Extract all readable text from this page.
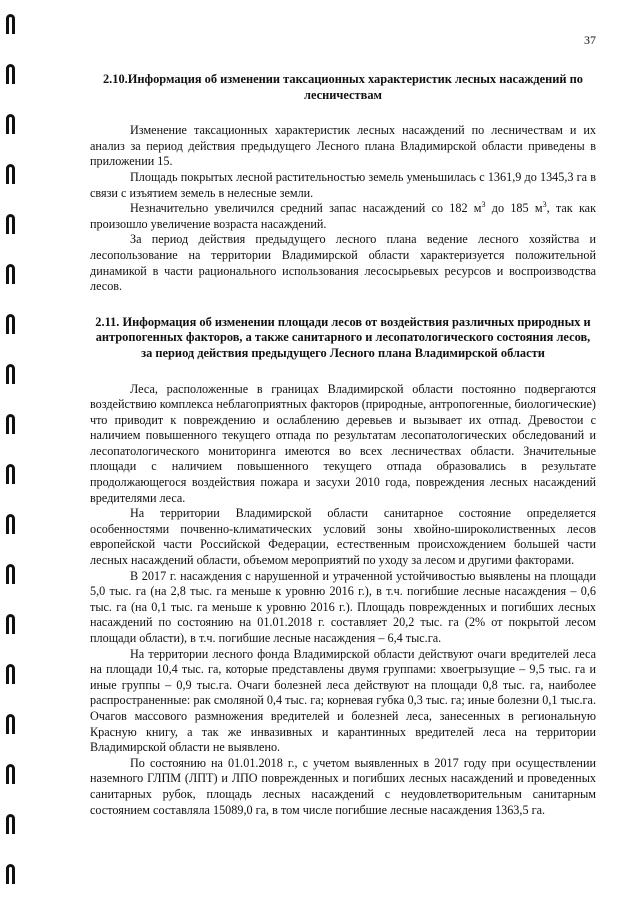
37
2.10.Информация об изменении таксационных характеристик лесных насаждений по лесничествам

Изменение таксационных характеристик лесных насаждений по лесничествам и их анализ за период действия предыдущего Лесного плана Владимирской области приведены в приложении 15.

Площадь покрытых лесной растительностью земель уменьшилась с 1361,9 до 1345,3 га в связи с изъятием земель в нелесные земли.

Незначительно увеличился средний запас насаждений со 182 $м^3$ до 185 $м^3$, так как произошло увеличение возраста насаждений.

За период действия предыдущего лесного плана ведение лесного хозяйства и лесопользование на территории Владимирской области характеризуется положительной динамикой в части рационального использования лесосырьевых ресурсов и воспроизводства лесов.

2.11. Информация об изменении площади лесов от воздействия различных природных и антропогенных факторов, а также санитарного и лесопатологического состояния лесов, за период действия предыдущего Лесного плана Владимирской области

Леса, расположенные в границах Владимирской области постоянно подвергаются воздействию комплекса неблагоприятных факторов (природные, антропогенные, биологические) что приводит к повреждению и ослаблению деревьев и вызывает их отпад. Древостои с наличием повышенного текущего отпада по результатам лесопатологических обследований и лесопатологического мониторинга имеются во всех лесничествах области. Значительные площади с наличием повышенного текущего отпада образовались в результате продолжающегося воздействия пожара и засухи 2010 года, повреждения лесных насаждений вредителями леса.

На территории Владимирской области санитарное состояние определяется особенностями почвенно-климатических условий зоны хвойно-широколиственных лесов европейской части Российской Федерации, естественным происхождением большей части лесных насаждений области, объемом мероприятий по уходу за лесом и другими факторами.

В 2017 г. насаждения с нарушенной и утраченной устойчивостью выявлены на площади 5,0 тыс. га (на 2,8 тыс. га меньше к уровню 2016 г.), в т.ч. погибшие лесные насаждения – 0,6 тыс. га (на 0,1 тыс. га меньше к уровню 2016 г.). Площадь поврежденных и погибших лесных насаждений по состоянию на 01.01.2018 г. составляет 20,2 тыс. га (2% от покрытой лесом площади области), в т.ч. погибшие лесные насаждения – 6,4 тыс.га.

На территории лесного фонда Владимирской области действуют очаги вредителей леса на площади 10,4 тыс. га, которые представлены двумя группами: хвоегрызущие – 9,5 тыс. га и иные группы – 0,9 тыс.га. Очаги болезней леса действуют на площади 0,8 тыс. га, наиболее распространенные: рак смоляной 0,4 тыс. га; корневая губка 0,3 тыс. га; иные болезни 0,1 тыс.га. Очагов массового размножения вредителей и болезней леса, занесенных в региональную Красную книгу, а так же инвазивных и карантинных вредителей леса на территории Владимирской области не выявлено.

По состоянию на 01.01.2018 г., с учетом выявленных в 2017 году при осуществлении наземного ГЛПМ (ЛПТ) и ЛПО поврежденных и погибших лесных насаждений и проведенных санитарных рубок, площадь лесных насаждений с неудовлетворительным санитарным состоянием составляла 15089,0 га, в том числе погибшие лесные насаждения 1363,5 га.
